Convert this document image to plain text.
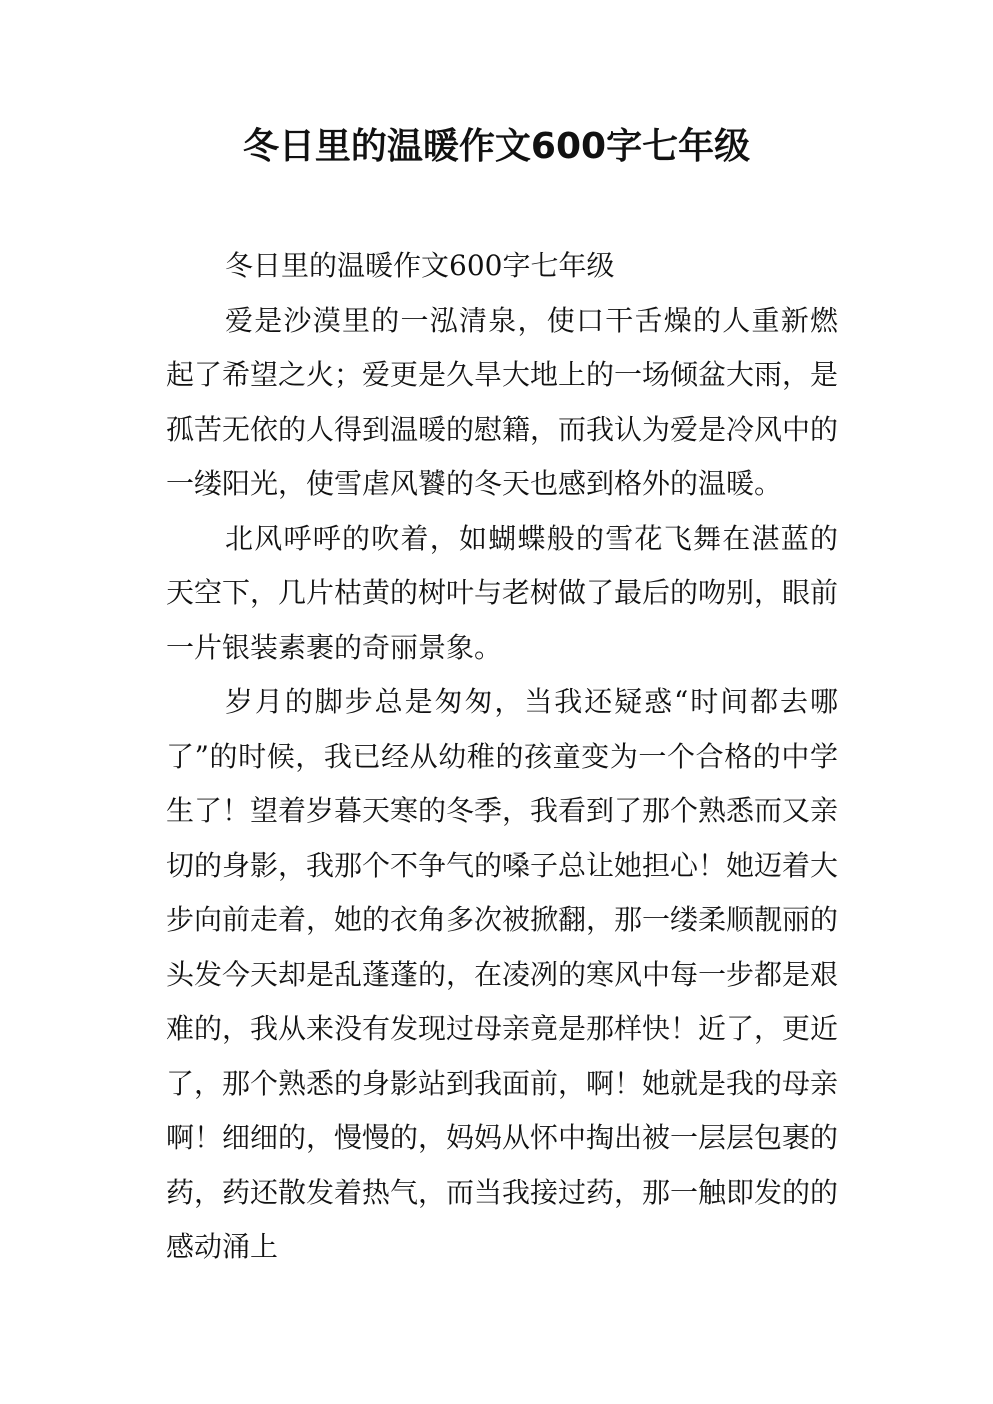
冬日里的温暖作文600字七年级

冬日里的温暖作文600字七年级

爱是沙漠里的一泓清泉，使口干舌燥的人重新燃起了希望之火；爱更是久旱大地上的一场倾盆大雨，是孤苦无依的人得到温暖的慰籍，而我认为爱是冷风中的一缕阳光，使雪虐风饕的冬天也感到格外的温暖。

北风呼呼的吹着，如蝴蝶般的雪花飞舞在湛蓝的天空下，几片枯黄的树叶与老树做了最后的吻别，眼前一片银装素裹的奇丽景象。

岁月的脚步总是匆匆，当我还疑惑“时间都去哪了”的时候，我已经从幼稚的孩童变为一个合格的中学生了！望着岁暮天寒的冬季，我看到了那个熟悉而又亲切的身影，我那个不争气的嗓子总让她担心！她迈着大步向前走着，她的衣角多次被掀翻，那一缕柔顺靓丽的头发今天却是乱蓬蓬的，在凌冽的寒风中每一步都是艰难的，我从来没有发现过母亲竟是那样快！近了，更近了，那个熟悉的身影站到我面前，啊！她就是我的母亲啊！细细的，慢慢的，妈妈从怀中掏出被一层层包裹的药，药还散发着热气，而当我接过药，那一触即发的的感动涌上
